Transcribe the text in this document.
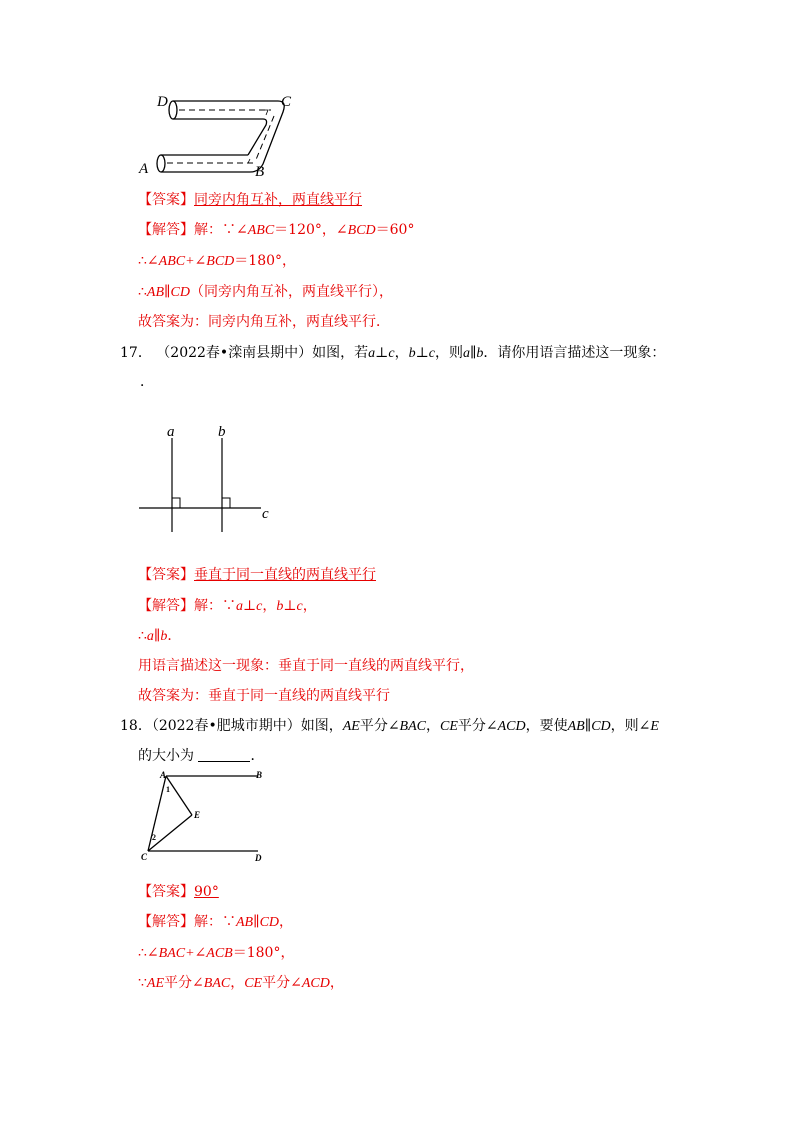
D	C
A	B
【答案】同旁内角互补，两直线平行
【解答】解：∵∠ABC＝120°，∠BCD＝60°
∴∠ABC+∠BCD＝180°，
∴AB∥CD（同旁内角互补，两直线平行），
故答案为：同旁内角互补，两直线平行．
17． （2022春•滦南县期中）如图，若a⊥c，b⊥c，则a∥b．请你用语言描述这一现象：
．
a	b
c
【答案】垂直于同一直线的两直线平行
【解答】解：∵a⊥c，b⊥c，
∴a∥b．
用语言描述这一现象：垂直于同一直线的两直线平行，
故答案为：垂直于同一直线的两直线平行
18．（2022春•肥城市期中）如图，AE平分∠BAC，CE平分∠ACD，要使AB∥CD，则∠E
的大小为	．
A	B
C	D
E
1
2
【答案】90°
【解答】解：∵AB∥CD，
∴∠BAC+∠ACB＝180°，
∵AE平分∠BAC，CE平分∠ACD，
